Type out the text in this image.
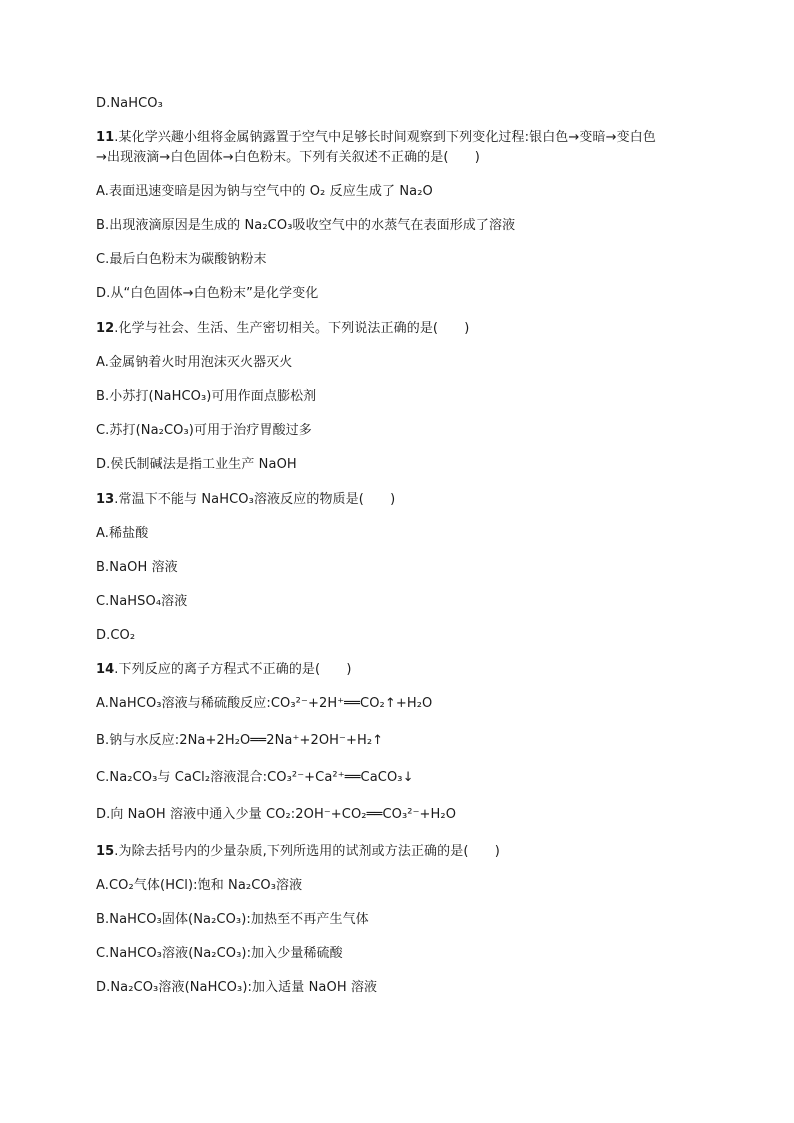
D.NaHCO₃
11.某化学兴趣小组将金属钠露置于空气中足够长时间观察到下列变化过程:银白色→变暗→变白色
→出现液滴→白色固体→白色粉末。下列有关叙述不正确的是(　　)
A.表面迅速变暗是因为钠与空气中的 O₂ 反应生成了 Na₂O
B.出现液滴原因是生成的 Na₂CO₃吸收空气中的水蒸气在表面形成了溶液
C.最后白色粉末为碳酸钠粉末
D.从“白色固体→白色粉末”是化学变化
12.化学与社会、生活、生产密切相关。下列说法正确的是(　　)
A.金属钠着火时用泡沫灭火器灭火
B.小苏打(NaHCO₃)可用作面点膨松剂
C.苏打(Na₂CO₃)可用于治疗胃酸过多
D.侯氏制碱法是指工业生产 NaOH
13.常温下不能与 NaHCO₃溶液反应的物质是(　　)
A.稀盐酸
B.NaOH 溶液
C.NaHSO₄溶液
D.CO₂
14.下列反应的离子方程式不正确的是(　　)
A.NaHCO₃溶液与稀硫酸反应:CO₃²⁻+2H⁺══CO₂↑+H₂O
B.钠与水反应:2Na+2H₂O══2Na⁺+2OH⁻+H₂↑
C.Na₂CO₃与 CaCl₂溶液混合:CO₃²⁻+Ca²⁺══CaCO₃↓
D.向 NaOH 溶液中通入少量 CO₂:2OH⁻+CO₂══CO₃²⁻+H₂O
15.为除去括号内的少量杂质,下列所选用的试剂或方法正确的是(　　)
A.CO₂气体(HCl):饱和 Na₂CO₃溶液
B.NaHCO₃固体(Na₂CO₃):加热至不再产生气体
C.NaHCO₃溶液(Na₂CO₃):加入少量稀硫酸
D.Na₂CO₃溶液(NaHCO₃):加入适量 NaOH 溶液
